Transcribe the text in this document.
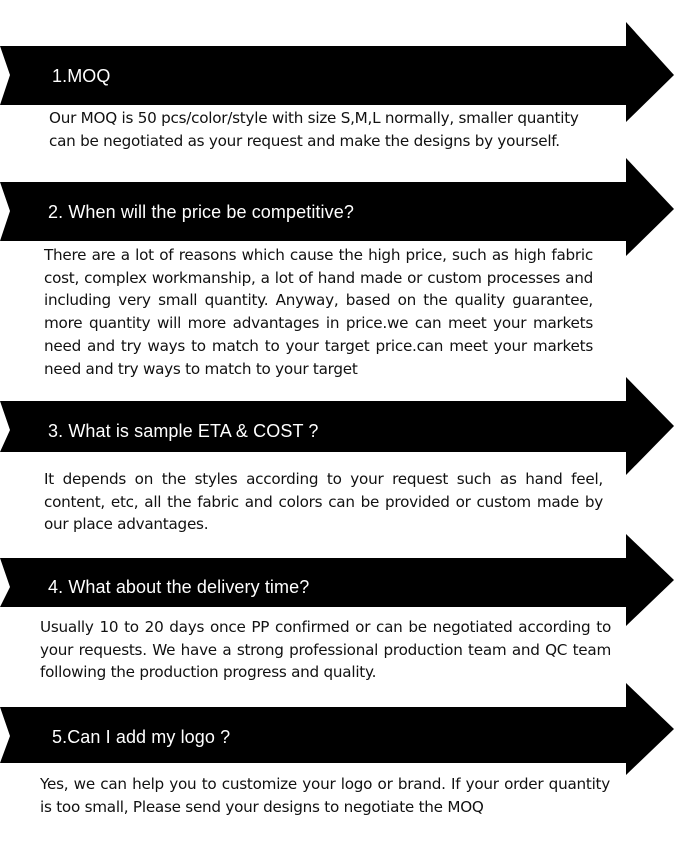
1.MOQ

Our MOQ is 50 pcs/color/style with size S,M,L normally, smaller quantity can be negotiated as your request and make the designs by yourself.

2. When will the price be competitive?

There are a lot of reasons which cause the high price, such as high fabric cost, complex workmanship, a lot of hand made or custom processes and including very small quantity. Anyway, based on the quality guarantee, more quantity will more advantages in price.we can meet your markets need and try ways to match to your target price.can meet your markets need and try ways to match to your target

3. What is sample ETA & COST ?

It depends on the styles according to your request such as hand feel, content, etc, all the fabric and colors can be provided or custom made by our place advantages.

4. What about the delivery time?

Usually 10 to 20 days once PP confirmed or can be negotiated according to your requests. We have a strong professional production team and QC team following the production progress and quality.

5.Can I add my logo ?

Yes, we can help you to customize your logo or brand. If your order quantity is too small, Please send your designs to negotiate the MOQ
